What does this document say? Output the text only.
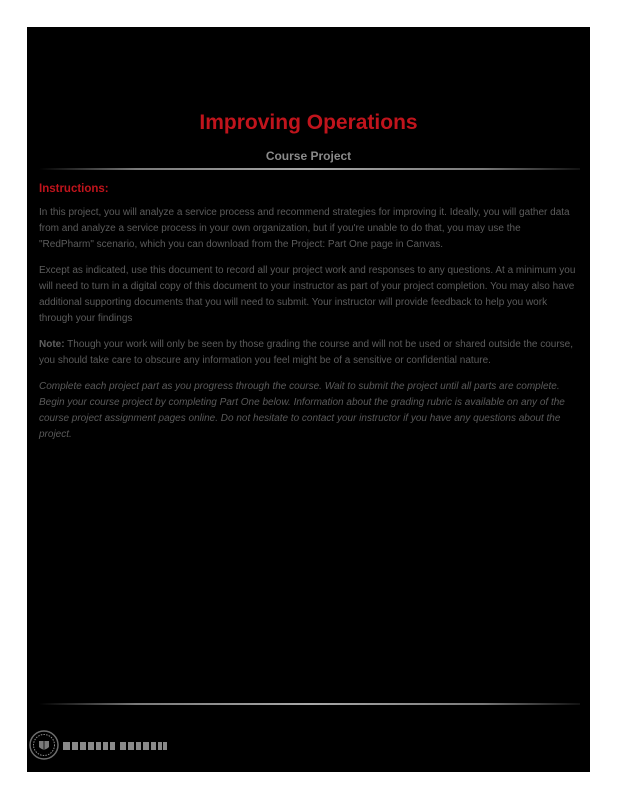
Improving Operations
Course Project
Instructions:

In this project, you will analyze a service process and recommend strategies for improving it. Ideally, you will gather data from and analyze a service process in your own organization, but if you're unable to do that, you may use the "RedPharm" scenario, which you can download from the Project: Part One page in Canvas.

Except as indicated, use this document to record all your project work and responses to any questions. At a minimum you will need to turn in a digital copy of this document to your instructor as part of your project completion. You may also have additional supporting documents that you will need to submit. Your instructor will provide feedback to help you work through your findings

Note: Though your work will only be seen by those grading the course and will not be used or shared outside the course, you should take care to obscure any information you feel might be of a sensitive or confidential nature.

Complete each project part as you progress through the course. Wait to submit the project until all parts are complete. Begin your course project by completing Part One below. Information about the grading rubric is available on any of the course project assignment pages online. Do not hesitate to contact your instructor if you have any questions about the project.
